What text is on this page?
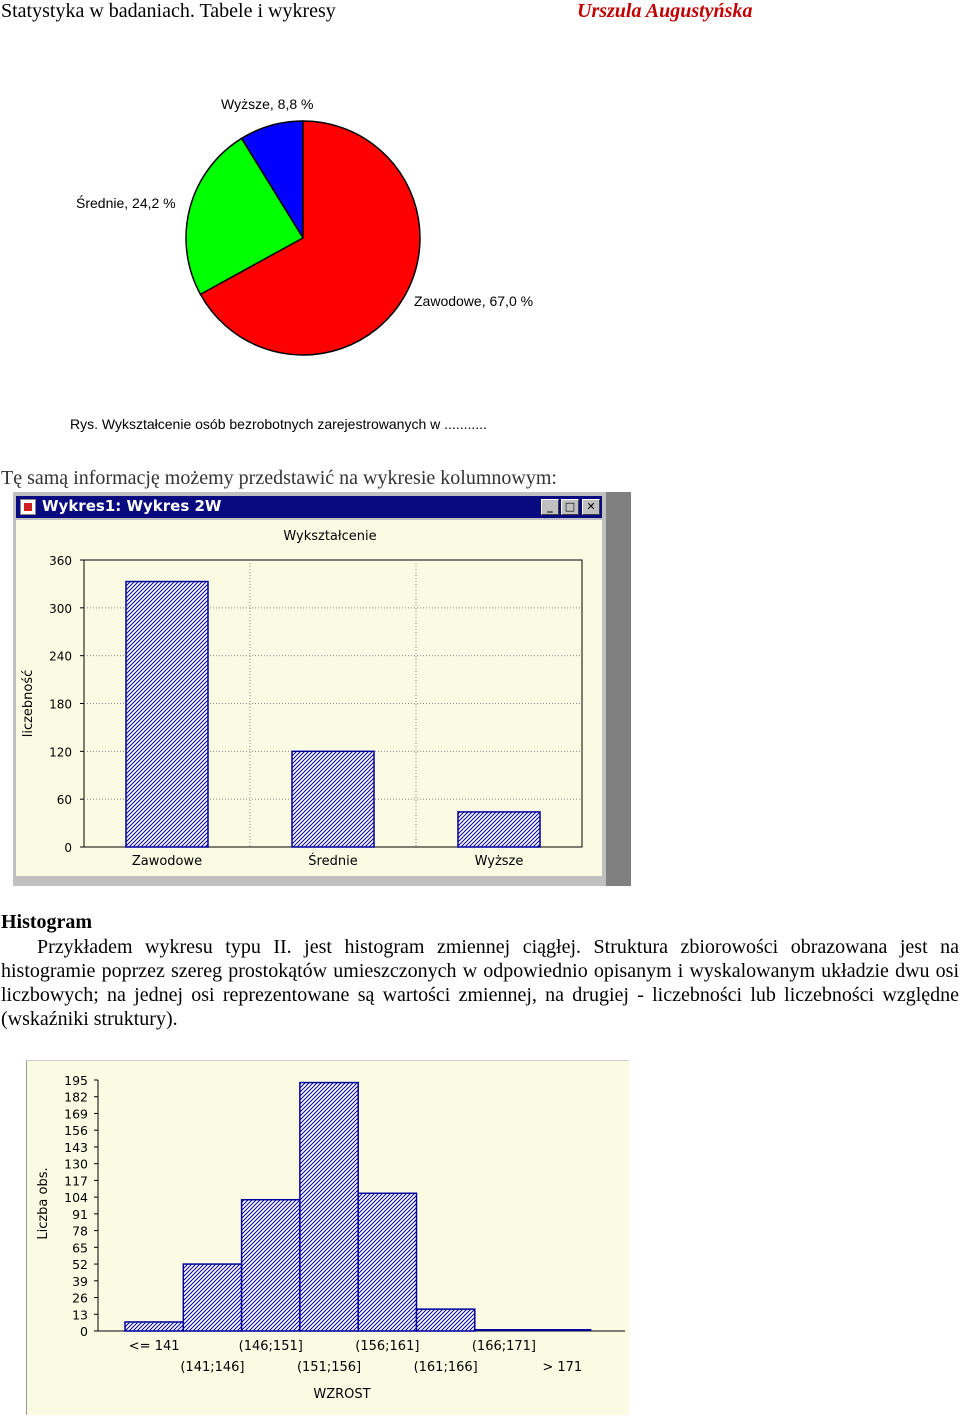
Statystyka w badaniach. Tabele i wykresy	Urszula Augustyńska
Wyższe, 8,8 %
Średnie, 24,2 %
Zawodowe, 67,0 %
Rys. Wykształcenie osób bezrobotnych zarejestrowanych w ...........
Tę samą informację możemy przedstawić na wykresie kolumnowym:
Wykres1: Wykres 2W	_	□	✕
Wykształcenie
0
60
120
180
240
300
360
liczebność
Zawodowe	Średnie	Wyższe
Histogram
Przykładem wykresu typu II. jest histogram zmiennej ciągłej. Struktura zbiorowości obrazowana jest na histogramie poprzez szereg prostokątów umieszczonych w odpowiednio opisanym i wyskalowanym układzie dwu osi liczbowych; na jednej osi reprezentowane są wartości zmiennej, na drugiej - liczebności lub liczebności względne (wskaźniki struktury).
0
13
26
39
52
65
78
91
104
117
130
143
156
169
182
195
Liczba obs.
<= 141
(141;146]
(146;151]
(151;156]
(156;161]
(161;166]
(166;171]
> 171
WZROST
